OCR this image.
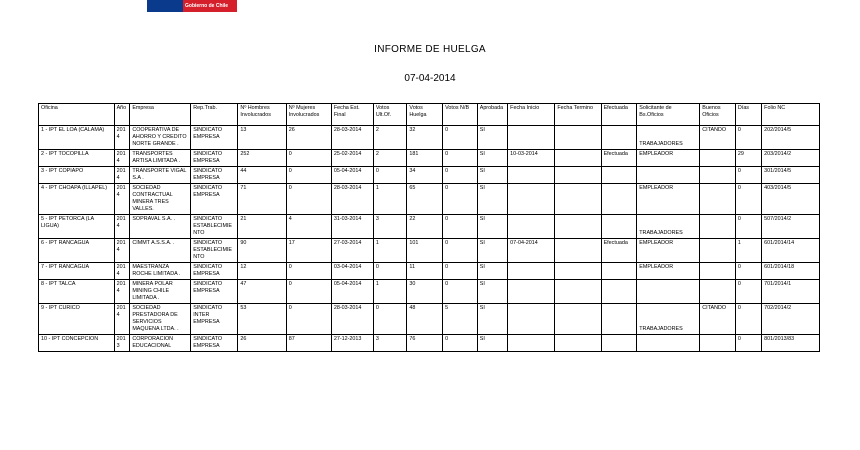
Gobierno de Chile
INFORME DE HUELGA
07-04-2014
Oficina	Año	Empresa	Rep.Trab.	Nº Hombres Involucrados	Nº Mujeres Involucrados	Fecha Est. Final	Votos Ult.Of.	Votos Huelga	Votos N/B	Aprobada	Fecha Inicio	Fecha Termino	Efectuada	Solicitante de Bs.Oficios	Buenos Oficios	Días	Folio NC
1 - IPT EL LOA (CALAMA)	2014	COOPERATIVA DE AHORRO Y CREDITO NORTE GRANDE .	SINDICATO EMPRESA	13	26	28-03-2014	2	32	0	SI				TRABAJADORES	CITANDO	0	202/2014/5
2 - IPT TOCOPILLA	2014	TRANSPORTES ARTISA LIMITADA .	SINDICATO EMPRESA	252	0	25-02-2014	2	181	0	SI	10-03-2014		Efectuada	EMPLEADOR		29	203/2014/2
3 - IPT COPIAPO	2014	TRANSPORTE VIGAL S.A .	SINDICATO EMPRESA	44	0	05-04-2014	0	34	0	SI						0	301/2014/5
4 - IPT CHOAPA (ILLAPEL)	2014	SOCIEDAD CONTRACTUAL MINERA TRES VALLES.	SINDICATO EMPRESA	71	0	28-03-2014	1	65	0	SI				EMPLEADOR		0	403/2014/5
5 - IPT PETORCA (LA LIGUA)	2014	SOPRAVAL S.A. .	SINDICATO ESTABLECIMIENTO	21	4	31-03-2014	3	22	0	SI				TRABAJADORES		0	507/2014/2
6 - IPT RANCAGUA	2014	CIMMT A.S.S.A. .	SINDICATO ESTABLECIMIENTO	90	17	27-03-2014	1	101	0	SI	07-04-2014		Efectuada	EMPLEADOR		1	601/2014/14
7 - IPT RANCAGUA	2014	MAESTRANZA ROCHE LIMITADA .	SINDICATO EMPRESA	12	0	03-04-2014	0	11	0	SI				EMPLEADOR		0	601/2014/18
8 - IPT TALCA	2014	MINERA POLAR MINING CHILE LIMITADA .	SINDICATO EMPRESA	47	0	05-04-2014	1	30	0	SI						0	701/2014/1
9 - IPT CURICO	2014	SOCIEDAD PRESTADORA DE SERVICIOS MAQUENA LTDA. .	SINDICATO INTER EMPRESA	53	0	28-03-2014	0	48	5	SI				TRABAJADORES	CITANDO	0	702/2014/2
10 - IPT CONCEPCION	2013	CORPORACION EDUCACIONAL	SINDICATO EMPRESA	26	87	27-12-2013	3	76	0	SI						0	801/2013/83
